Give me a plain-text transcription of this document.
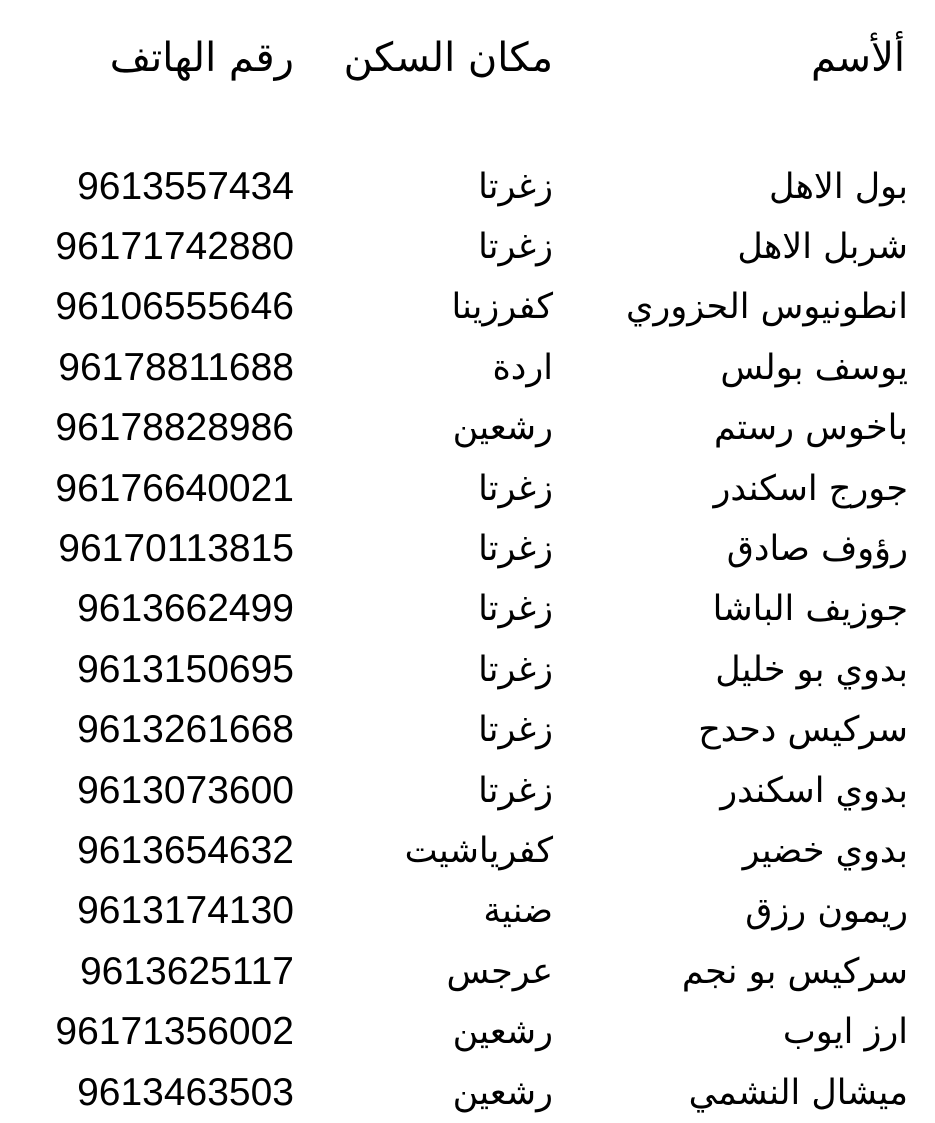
ألأسم
مكان السكن
رقم الهاتف
بول الاهل
زغرتا
9613557434
شربل الاهل
زغرتا
96171742880
انطونيوس الحزوري
كفرزينا
96106555646
يوسف بولس
اردة
96178811688
باخوس رستم
رشعين
96178828986
جورج اسكندر
زغرتا
96176640021
رؤوف صادق
زغرتا
96170113815
جوزيف الباشا
زغرتا
9613662499
بدوي بو خليل
زغرتا
9613150695
سركيس دحدح
زغرتا
9613261668
بدوي اسكندر
زغرتا
9613073600
بدوي خضير
كفرياشيت
9613654632
ريمون رزق
ضنية
9613174130
سركيس بو نجم
عرجس
9613625117
ارز ايوب
رشعين
96171356002
ميشال النشمي
رشعين
9613463503
